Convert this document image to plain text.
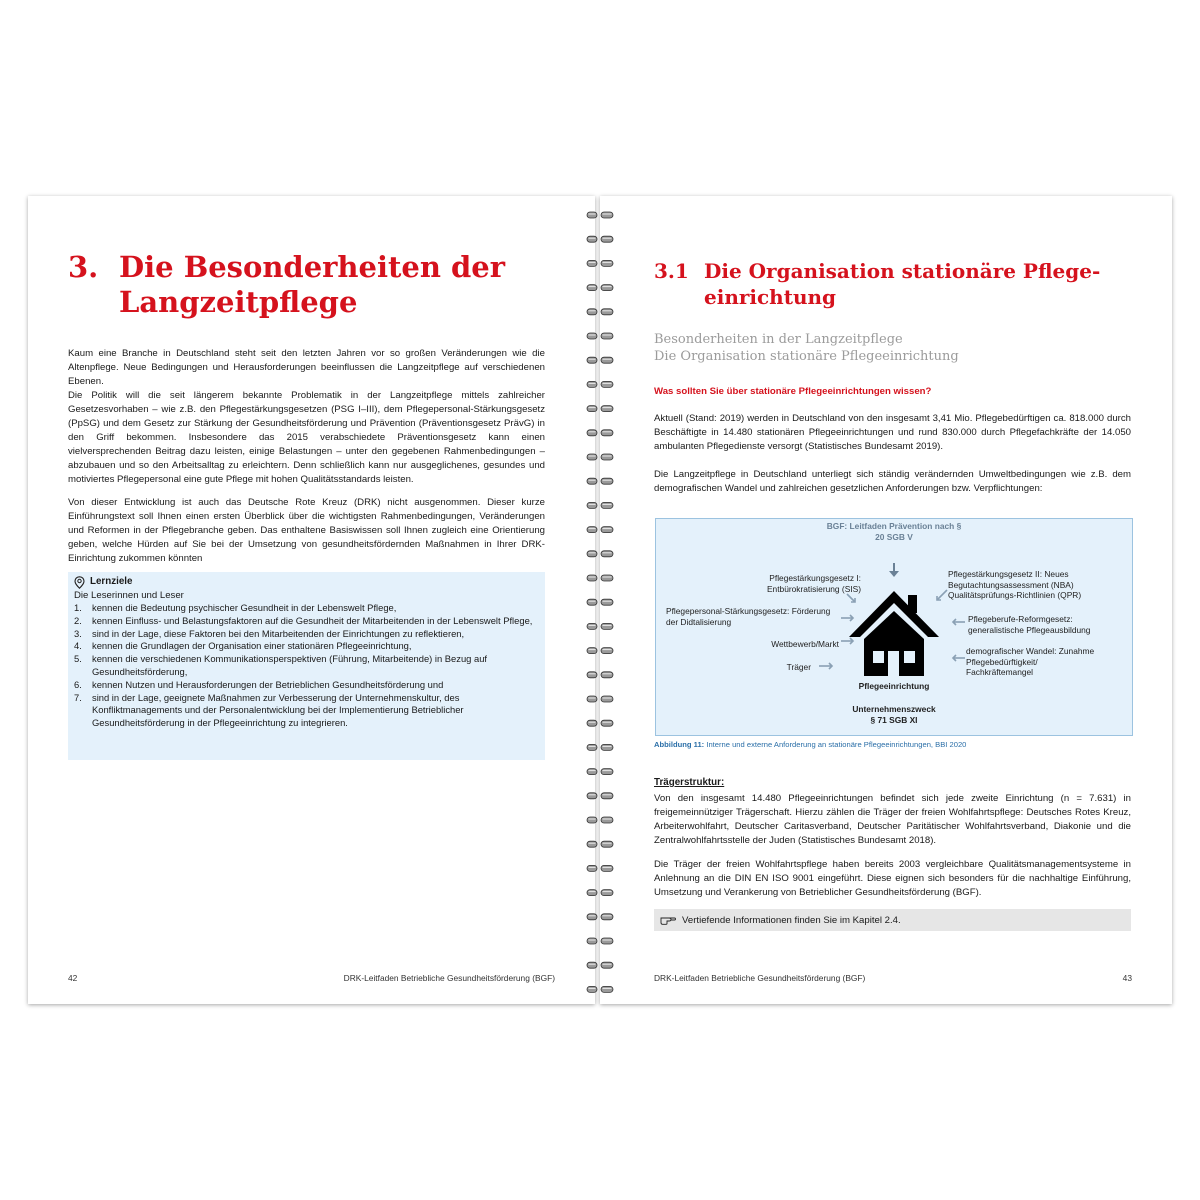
3. Die Besonderheiten der Langzeitpflege
Kaum eine Branche in Deutschland steht seit den letzten Jahren vor so großen Veränderungen wie die Altenpflege. Neue Bedingungen und Herausforderungen beeinflussen die Langzeitpflege auf verschiedenen Ebenen.
Die Politik will die seit längerem bekannte Problematik in der Langzeitpflege mittels zahlreicher Gesetzesvorhaben – wie z.B. den Pflegestärkungsgesetzen (PSG I–III), dem Pflegepersonal-Stärkungsgesetz (PpSG) und dem Gesetz zur Stärkung der Gesundheitsförderung und Prävention (Präventionsgesetz PrävG) in den Griff bekommen. Insbesondere das 2015 verabschiedete Präventionsgesetz kann einen vielversprechenden Beitrag dazu leisten, einige Belastungen – unter den gegebenen Rahmenbedingungen – abzubauen und so den Arbeitsalltag zu erleichtern. Denn schließlich kann nur ausgeglichenes, gesundes und motiviertes Pflegepersonal eine gute Pflege mit hohen Qualitätsstandards leisten.
Von dieser Entwicklung ist auch das Deutsche Rote Kreuz (DRK) nicht ausgenommen. Dieser kurze Einführungstext soll Ihnen einen ersten Überblick über die wichtigsten Rahmenbedingungen, Veränderungen und Reformen in der Pflegebranche geben. Das enthaltene Basiswissen soll Ihnen zugleich eine Orientierung geben, welche Hürden auf Sie bei der Umsetzung von gesundheitsfördernden Maßnahmen in Ihrer DRK-Einrichtung zukommen könnten
Lernziele
Die Leserinnen und Leser
1. kennen die Bedeutung psychischer Gesundheit in der Lebenswelt Pflege,
2. kennen Einfluss- und Belastungsfaktoren auf die Gesundheit der Mitarbeitenden in der Lebenswelt Pflege,
3. sind in der Lage, diese Faktoren bei den Mitarbeitenden der Einrichtungen zu reflektieren,
4. kennen die Grundlagen der Organisation einer stationären Pflegeeinrichtung,
5. kennen die verschiedenen Kommunikationsperspektiven (Führung, Mitarbeitende) in Bezug auf Gesundheitsförderung,
6. kennen Nutzen und Herausforderungen der Betrieblichen Gesundheitsförderung und
7. sind in der Lage, geeignete Maßnahmen zur Verbesserung der Unternehmenskultur, des Konfliktmanagements und der Personalentwicklung bei der Implementierung Betrieblicher Gesundheitsförderung in der Pflegeeinrichtung zu integrieren.
42	DRK-Leitfaden Betriebliche Gesundheitsförderung (BGF)
3.1 Die Organisation stationäre Pflege-einrichtung
Besonderheiten in der Langzeitpflege
Die Organisation stationäre Pflegeeinrichtung
Was sollten Sie über stationäre Pflegeeinrichtungen wissen?
Aktuell (Stand: 2019) werden in Deutschland von den insgesamt 3,41 Mio. Pflegebedürftigen ca. 818.000 durch Beschäftigte in 14.480 stationären Pflegeeinrichtungen und rund 830.000 durch Pflegefachkräfte der 14.050 ambulanten Pflegedienste versorgt (Statistisches Bundesamt 2019).
Die Langzeitpflege in Deutschland unterliegt sich ständig verändernden Umweltbedingungen wie z.B. dem demografischen Wandel und zahlreichen gesetzlichen Anforderungen bzw. Verpflichtungen:
BGF: Leitfaden Prävention nach § 20 SGB V
Pflegestärkungsgesetz I: Entbürokratisierung (SIS)
Pflegepersonal-Stärkungsgesetz: Förderung der Didtalisierung
Wettbewerb/Markt
Träger
Pflegestärkungsgesetz II: Neues Begutachtungsassessment (NBA) Qualitätsprüfungs-Richtlinien (QPR)
Pflegeberufe-Reformgesetz: generalistische Pflegeausbildung
demografischer Wandel: Zunahme Pflegebedürftigkeit/ Fachkräftemangel
Pflegeeinrichtung
Unternehmenszweck
§ 71 SGB XI
Abbildung 11: Interne und externe Anforderung an stationäre Pflegeeinrichtungen, BBI 2020
Trägerstruktur:
Von den insgesamt 14.480 Pflegeeinrichtungen befindet sich jede zweite Einrichtung (n = 7.631) in freigemeinnütziger Trägerschaft. Hierzu zählen die Träger der freien Wohlfahrtspflege: Deutsches Rotes Kreuz, Arbeiterwohlfahrt, Deutscher Caritasverband, Deutscher Paritätischer Wohlfahrtsverband, Diakonie und die Zentralwohlfahrtsstelle der Juden (Statistisches Bundesamt 2018).
Die Träger der freien Wohlfahrtspflege haben bereits 2003 vergleichbare Qualitätsmanagementsysteme in Anlehnung an die DIN EN ISO 9001 eingeführt. Diese eignen sich besonders für die nachhaltige Einführung, Umsetzung und Verankerung von Betrieblicher Gesundheitsförderung (BGF).
Vertiefende Informationen finden Sie im Kapitel 2.4.
DRK-Leitfaden Betriebliche Gesundheitsförderung (BGF)	43
